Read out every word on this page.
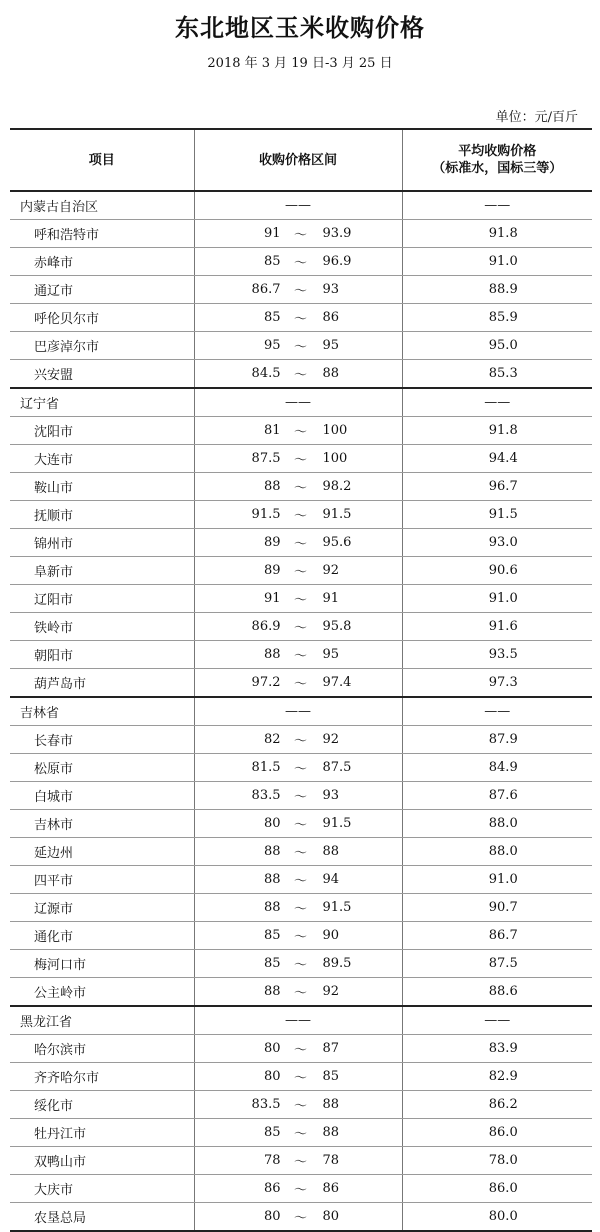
东北地区玉米收购价格
2018 年 3 月 19 日-3 月 25 日
单位：元/百斤
项目	收购价格区间	平均收购价格
（标准水，国标三等）

内蒙古自治区	——	——
呼和浩特市	91 ～ 93.9	91.8
赤峰市	85 ～ 96.9	91.0
通辽市	86.7 ～ 93	88.9
呼伦贝尔市	85 ～ 86	85.9
巴彦淖尔市	95 ～ 95	95.0
兴安盟	84.5 ～ 88	85.3
辽宁省	——	——
沈阳市	81 ～ 100	91.8
大连市	87.5 ～ 100	94.4
鞍山市	88 ～ 98.2	96.7
抚顺市	91.5 ～ 91.5	91.5
锦州市	89 ～ 95.6	93.0
阜新市	89 ～ 92	90.6
辽阳市	91 ～ 91	91.0
铁岭市	86.9 ～ 95.8	91.6
朝阳市	88 ～ 95	93.5
葫芦岛市	97.2 ～ 97.4	97.3
吉林省	——	——
长春市	82 ～ 92	87.9
松原市	81.5 ～ 87.5	84.9
白城市	83.5 ～ 93	87.6
吉林市	80 ～ 91.5	88.0
延边州	88 ～ 88	88.0
四平市	88 ～ 94	91.0
辽源市	88 ～ 91.5	90.7
通化市	85 ～ 90	86.7
梅河口市	85 ～ 89.5	87.5
公主岭市	88 ～ 92	88.6
黑龙江省	——	——
哈尔滨市	80 ～ 87	83.9
齐齐哈尔市	80 ～ 85	82.9
绥化市	83.5 ～ 88	86.2
牡丹江市	85 ～ 88	86.0
双鸭山市	78 ～ 78	78.0
大庆市	86 ～ 86	86.0
农垦总局	80 ～ 80	80.0
